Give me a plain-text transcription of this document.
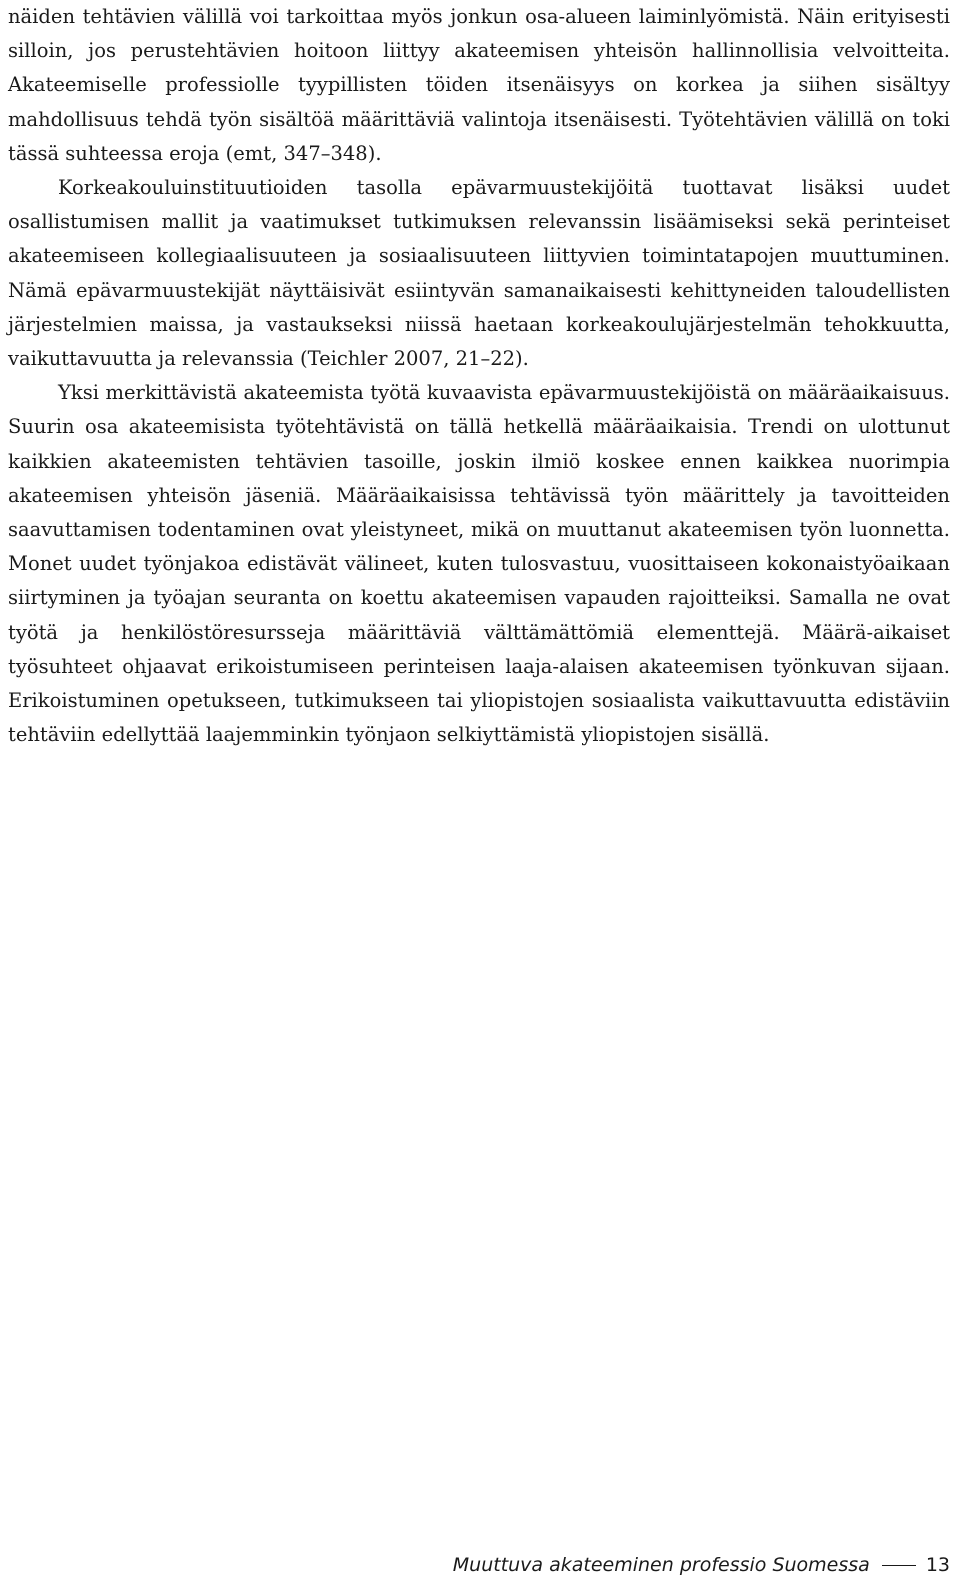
näiden tehtävien välillä voi tarkoittaa myös jonkun osa-alueen laiminlyömistä. Näin erityisesti silloin, jos perustehtävien hoitoon liittyy akateemisen yhteisön hallinnollisia velvoitteita. Akateemiselle professiolle tyypillisten töiden itsenäisyys on korkea ja siihen sisältyy mahdollisuus tehdä työn sisältöä määrittäviä valintoja itsenäisesti. Työtehtävien välillä on toki tässä suhteessa eroja (emt, 347–348).

Korkeakouluinstituutioiden tasolla epävarmuustekijöitä tuottavat lisäksi uudet osallistumisen mallit ja vaatimukset tutkimuksen relevanssin lisäämiseksi sekä perinteiset akateemiseen kollegiaalisuuteen ja sosiaalisuuteen liittyvien toimintatapojen muuttuminen. Nämä epävarmuustekijät näyttäisivät esiintyvän samanaikaisesti kehittyneiden taloudellisten järjestelmien maissa, ja vastaukseksi niissä haetaan korkeakoulujärjestelmän tehokkuutta, vaikuttavuutta ja relevanssia (Teichler 2007, 21–22).

Yksi merkittävistä akateemista työtä kuvaavista epävarmuustekijöistä on määräaikaisuus. Suurin osa akateemisista työtehtävistä on tällä hetkellä määräaikaisia. Trendi on ulottunut kaikkien akateemisten tehtävien tasoille, joskin ilmiö koskee ennen kaikkea nuorimpia akateemisen yhteisön jäseniä. Määräaikaisissa tehtävissä työn määrittely ja tavoitteiden saavuttamisen todentaminen ovat yleistyneet, mikä on muuttanut akateemisen työn luonnetta. Monet uudet työnjakoa edistävät välineet, kuten tulosvastuu, vuosittaiseen kokonaistyöaikaan siirtyminen ja työajan seuranta on koettu akateemisen vapauden rajoitteiksi. Samalla ne ovat työtä ja henkilöstöresursseja määrittäviä välttämättömiä elementtejä. Määrä-aikaiset työsuhteet ohjaavat erikoistumiseen perinteisen laaja-alaisen akateemisen työnkuvan sijaan. Erikoistuminen opetukseen, tutkimukseen tai yliopistojen sosiaalista vaikuttavuutta edistäviin tehtäviin edellyttää laajemminkin työnjaon selkiyttämistä yliopistojen sisällä.

Muuttuva akateeminen professio Suomessa	13
